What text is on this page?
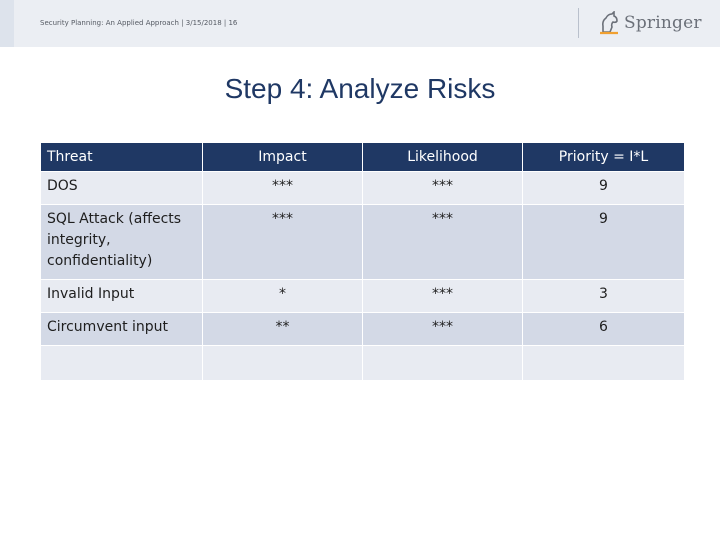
Security Planning: An Applied Approach | 3/15/2018 | 16	Springer
Step 4: Analyze Risks
Threat	Impact	Likelihood	Priority = I*L
DOS	***	***	9
SQL Attack (affects integrity, confidentiality)	***	***	9
Invalid Input	*	***	3
Circumvent input	**	***	6
